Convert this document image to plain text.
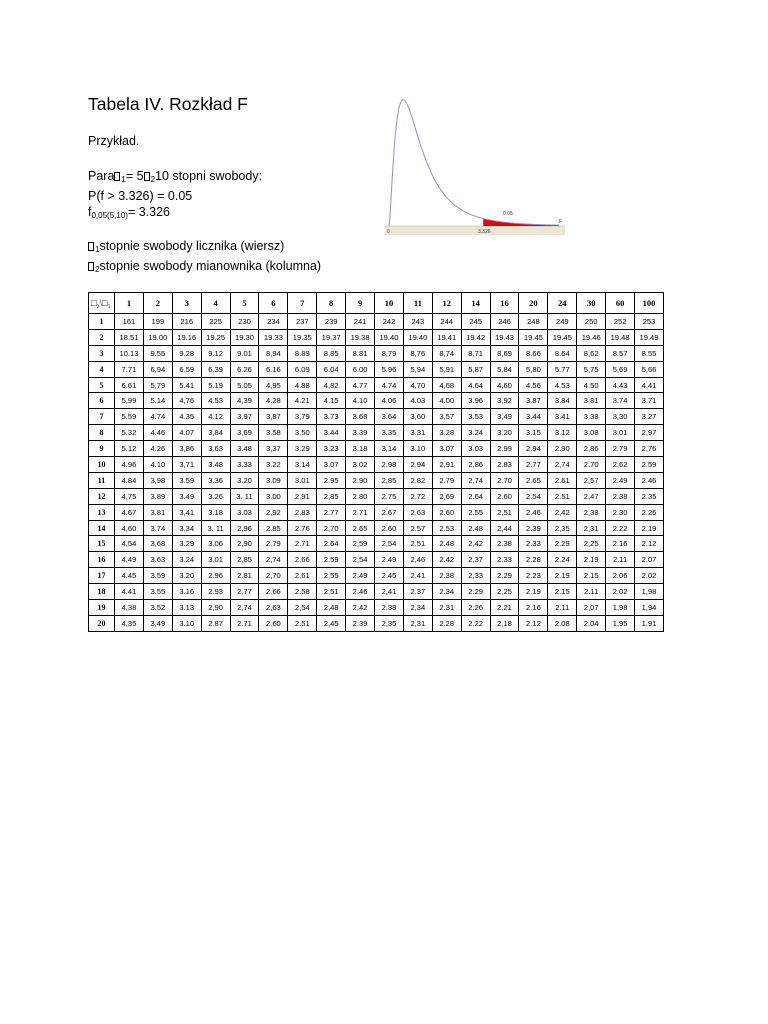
Tabela IV. Rozkład F
Przykład.
Para $_1$= 5 $_2$10 stopni swobody:
P(f > 3.326) = 0.05
$f_{0,05(5,10)}= 3.326$
$_1$stopnie swobody licznika (wiersz)
$_2$stopnie swobody mianownika (kolumna)
0.05
F
0	3.326
□₂\□₁	1	2	3	4	5	6	7	8	9	10	11	12	14	16	20	24	30	60	100
1	161	199	216	225	230	234	237	239	241	242	243	244	245	246	248	249	250	252	253
2	18.51	19.00	19.16	19.25	19.30	19.33	19.35	19.37	19.38	19.40	19.40	19.41	19.42	19.43	19.45	19.45	19.46	19.48	19.49
3	10.13	9.55	9.28	9.12	9.01	8,94	8.89	8,85	8.81	8,79	8,76	8,74	8,71	8,69	8.66	8.64	8,62	8.57	8.55
4	7.71	6,94	6.59	6.39	6.26	6.16	6.09	6.04	6.00	5.96	5,94	5,91	5,87	5,84	5,80	5.77	5,75	5,69	5,66
5	6.61	5,79	5.41	5.19	5.05	4,95	4.88	4,82	4.77	4.74	4,70	4,68	4.64	4,60	4.56	4.53	4.50	4.43	4,41
6	5,99	5.14	4,76	4.53	4,39	4.28	4.21	4.15	4.10	4.06	4.03	4.00	3.96	3,92	3.87	3.84	3.81	3.74	3.71
7	5.59	4.74	4.35	4.12	3.97	3,87	3,79	3.73	3.68	3.64	3,60	3,57	3.53	3,49	3.44	3.41	3.38	3,30	3.27
8	5.32	4.46	4.07	3,84	3,69	3.58	3.50	3.44	3.39	3.35	3.31	3.28	3.24	3.20	3.15	3.12	3.08	3.01	2,97
9	5.12	4.26	3,86	3.63	3.48	3,37	3.29	3.23	3.18	3,14	3.10	3.07	3.03	2.99	2.94	2.90	2,86	2.79	2,76
10	4.96	4.10	3,71	3.48	3.33	3.22	3.14	3.07	3.02	2.98	2.94	2,91	2,86	2.83	2.77	2,74	2.70	2.62	2.59
11	4.84	3,98	3.59	3.36	3.20	3.09	3.01	2.95	2.90	2,85	2.82	2.79	2,74	2.70	2.65	2.61	2,57	2.49	2.46
12	4,75	3.89	3.49	3.26	3. 11	3.00	2.91	2,85	2.80	2.75	2.72	2,69	2.64	2.60	2.54	2.51	2,47	2.38	2.35
13	4.67	3.81	3,41	3.18	3.03	2,92	2.83	2.77	2.71	2.67	2.63	2.60	2.55	2,51	2.46	2,42	2,38	2.30	2.26
14	4,60	3.74	3.34	3. 11	2,96	2.85	2.76	2,70	2.65	2.60	2.57	2.53	2.48	2,44	2.39	2,35	2,31	2.22	2.19
15	4,54	3,68	3.29	3.06	2,90	2.79	2.71	2.64	2,59	2,54	2.51	2.48	2,42	2.38	2.33	2.29	2,25	2.16	2.12
16	4,49	3.63	3.24	3.01	2,85	2,74	2.66	2.59	2,54	2.49	2,46	2.42	2,37	2.33	2.28	2.24	2.19	2.11	2.07
17	4.45	3.59	3.20	2.96	2.81	2,70	2.61	2.55	2.49	2.45	2.41	2.38	2,33	2.29	2.23	2.19	2.15	2.06	2.02
18	4.41	3.55	3.16	2.93	2,77	2.66	2.58	2.51	2.46	2,41	2.37	2.34	2.29	2,25	2.19	2.15	2.11	2.02	1,98
19	4,38	3.52	3.13	2,90	2,74	2,63	2,54	2,48	2,42	2.38	2,34	2.31	2.26	2.21	2.16	2.11	2,07	1,98	1,94
20	4,35	3,49	3.10	2.87	2.71	2.60	2.51	2,45	2.39	2,35	2,31	2.28	2.22	2,18	2.12	2.08	2.04	1.95	1.91
